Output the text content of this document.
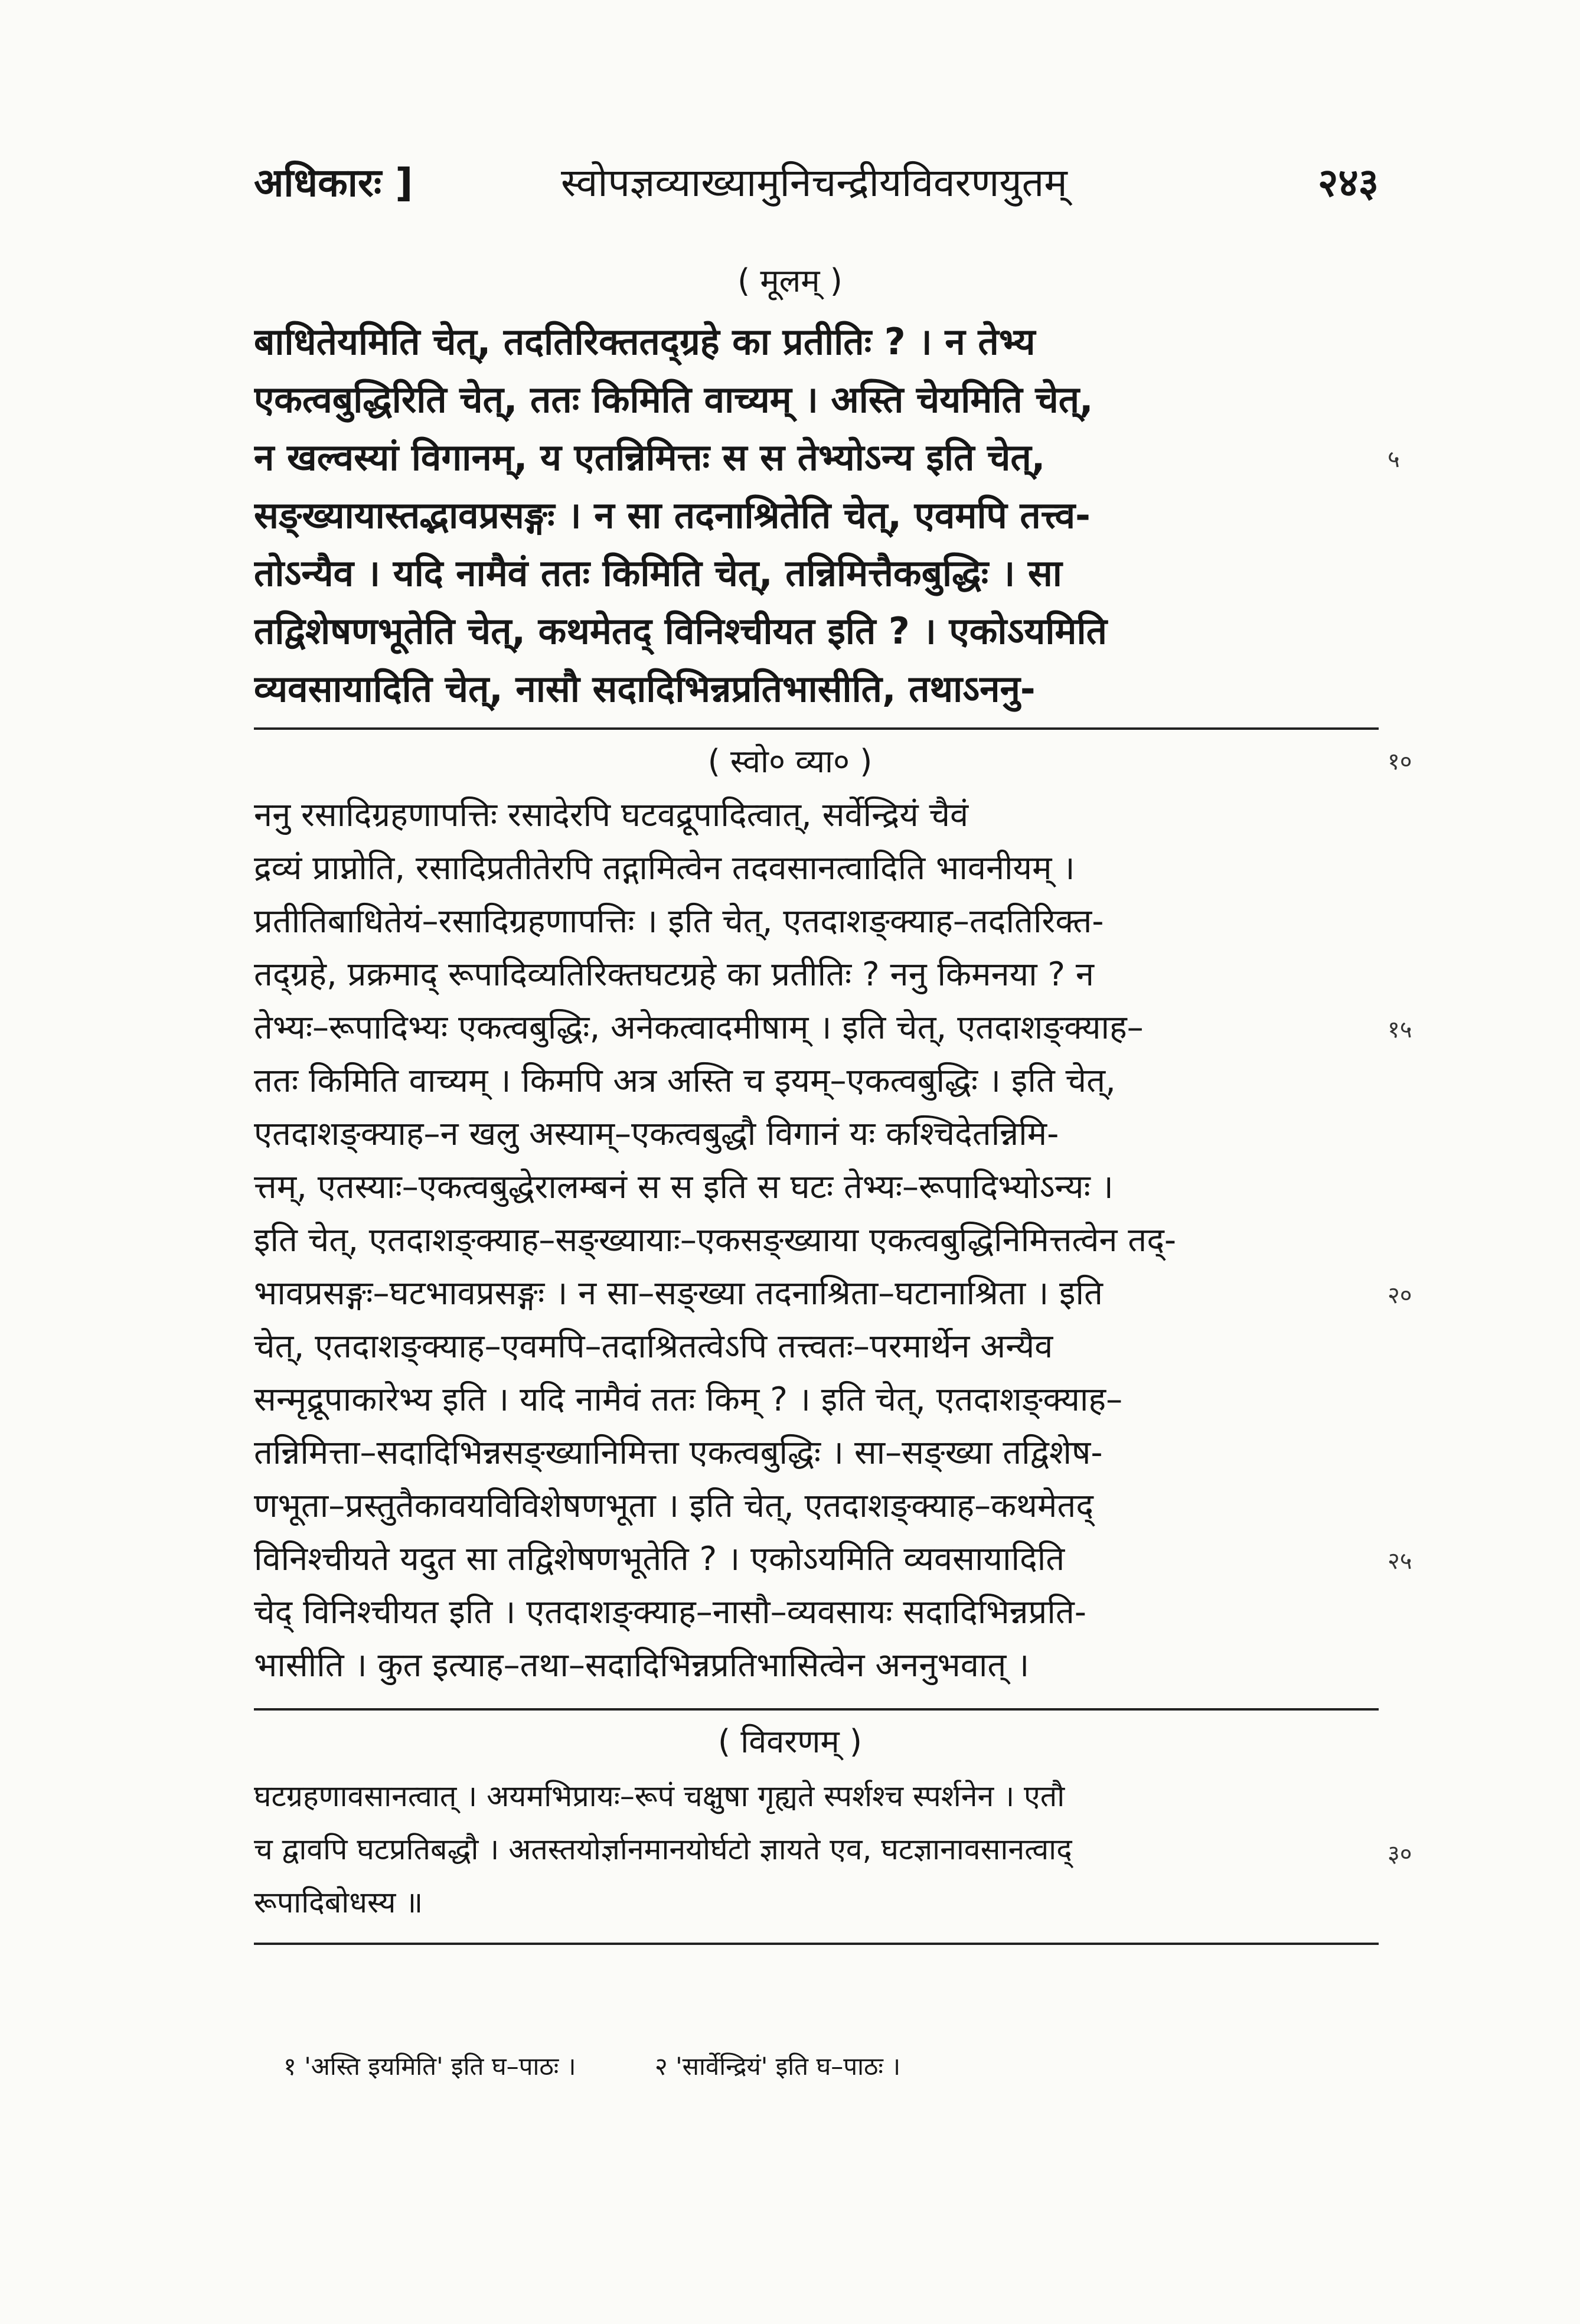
अधिकारः ]	स्वोपज्ञव्याख्यामुनिचन्द्रीयविवरणयुतम्	२४३
( मूलम् )
बाधितेयमिति चेत्, तदतिरिक्ततद्ग्रहे का प्रतीतिः ? । न तेभ्य
एकत्वबुद्धिरिति चेत्, ततः किमिति वाच्यम् । अस्ति चेयमिति चेत्,
न खल्वस्यां विगानम्, य एतन्निमित्तः स स तेभ्योऽन्य इति चेत्,
सङ्ख्यायास्तद्भावप्रसङ्गः । न सा तदनाश्रितेति चेत्, एवमपि तत्त्व-
तोऽन्यैव । यदि नामैवं ततः किमिति चेत्, तन्निमित्तैकबुद्धिः । सा
तद्विशेषणभूतेति चेत्, कथमेतद् विनिश्चीयत इति ? । एकोऽयमिति
व्यवसायादिति चेत्, नासौ सदादिभिन्नप्रतिभासीति, तथाऽननु-
( स्वो० व्या० )
ननु रसादिग्रहणापत्तिः रसादेरपि घटवद्रूपादित्वात्, सर्वेन्द्रियं चैवं
द्रव्यं प्राप्नोति, रसादिप्रतीतेरपि तद्गामित्वेन तदवसानत्वादिति भावनीयम् ।
प्रतीतिबाधितेयं–रसादिग्रहणापत्तिः । इति चेत्, एतदाशङ्क्याह–तदतिरिक्त-
तद्ग्रहे, प्रक्रमाद् रूपादिव्यतिरिक्तघटग्रहे का प्रतीतिः ? ननु किमनया ? न
तेभ्यः–रूपादिभ्यः एकत्वबुद्धिः, अनेकत्वादमीषाम् । इति चेत्, एतदाशङ्क्याह–
ततः किमिति वाच्यम् । किमपि अत्र अस्ति च इयम्–एकत्वबुद्धिः । इति चेत्,
एतदाशङ्क्याह–न खलु अस्याम्–एकत्वबुद्धौ विगानं यः कश्चिदेतन्निमि-
त्तम्, एतस्याः–एकत्वबुद्धेरालम्बनं स स इति स घटः तेभ्यः–रूपादिभ्योऽन्यः ।
इति चेत्, एतदाशङ्क्याह–सङ्ख्यायाः–एकसङ्ख्याया एकत्वबुद्धिनिमित्तत्वेन तद्-
भावप्रसङ्गः–घटभावप्रसङ्गः । न सा–सङ्ख्या तदनाश्रिता–घटानाश्रिता । इति
चेत्, एतदाशङ्क्याह–एवमपि–तदाश्रितत्वेऽपि तत्त्वतः–परमार्थेन अन्यैव
सन्मृद्रूपाकारेभ्य इति । यदि नामैवं ततः किम् ? । इति चेत्, एतदाशङ्क्याह–
तन्निमित्ता–सदादिभिन्नसङ्ख्यानिमित्ता एकत्वबुद्धिः । सा–सङ्ख्या तद्विशेष-
णभूता–प्रस्तुतैकावयविविशेषणभूता । इति चेत्, एतदाशङ्क्याह–कथमेतद्
विनिश्चीयते यदुत सा तद्विशेषणभूतेति ? । एकोऽयमिति व्यवसायादिति
चेद् विनिश्चीयत इति । एतदाशङ्क्याह–नासौ–व्यवसायः सदादिभिन्नप्रति-
भासीति । कुत इत्याह–तथा–सदादिभिन्नप्रतिभासित्वेन अननुभवात् ।
( विवरणम् )
घटग्रहणावसानत्वात् । अयमभिप्रायः–रूपं चक्षुषा गृह्यते स्पर्शश्च स्पर्शनेन । एतौ
च द्वावपि घटप्रतिबद्धौ । अतस्तयोर्ज्ञानमानयोर्घटो ज्ञायते एव, घटज्ञानावसानत्वाद्
रूपादिबोधस्य ॥
५
१०
१५
२०
२५
३०
१ 'अस्ति इयमिति' इति घ–पाठः ।	२ 'सार्वेन्द्रियं' इति घ–पाठः ।
